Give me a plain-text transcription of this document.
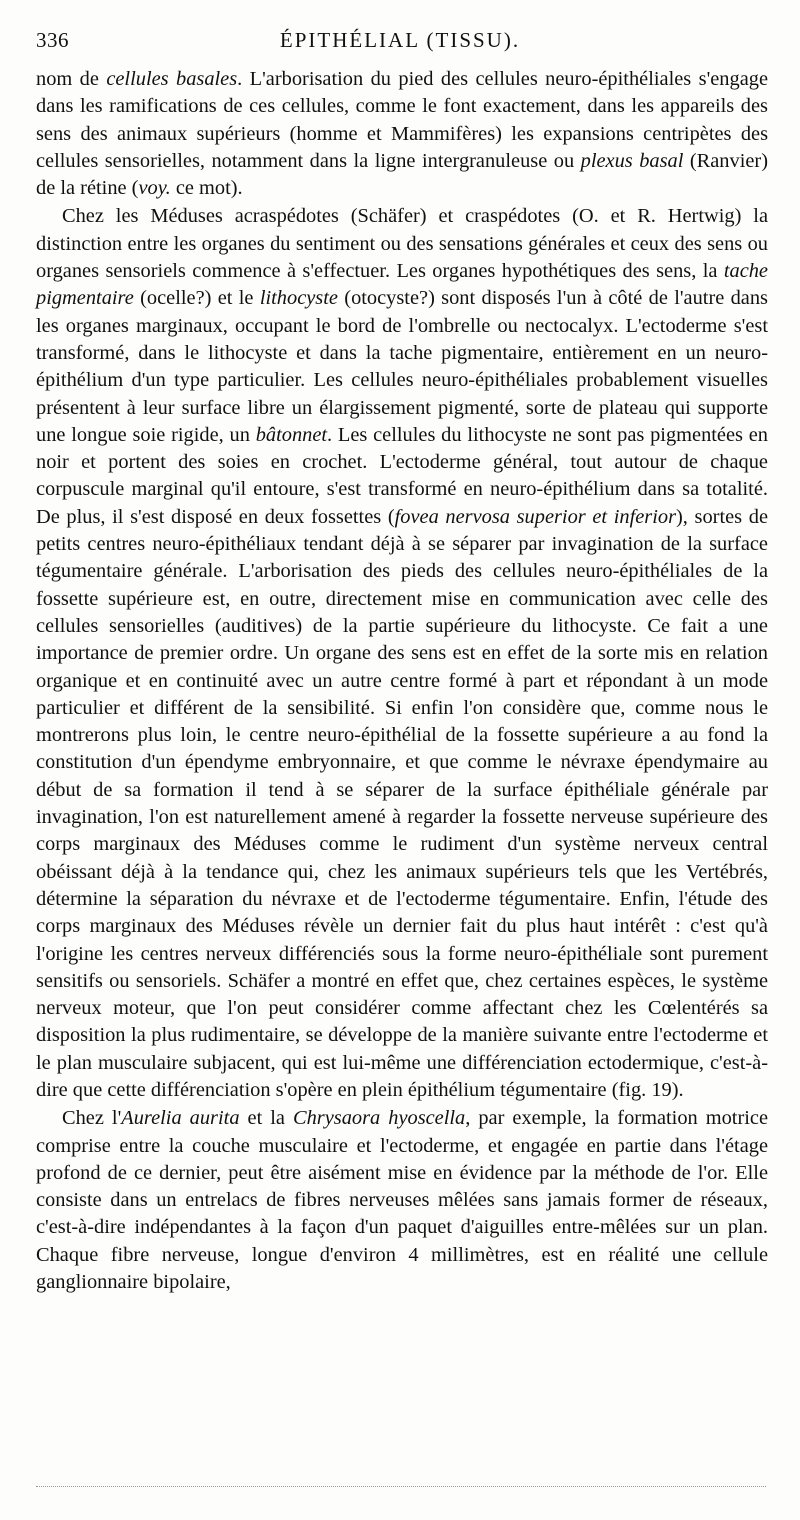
336	ÉPITHÉLIAL (TISSU).

nom de cellules basales. L'arborisation du pied des cellules neuro-épithéliales s'engage dans les ramifications de ces cellules, comme le font exactement, dans les appareils des sens des animaux supérieurs (homme et Mammifères) les expansions centripètes des cellules sensorielles, notamment dans la ligne intergranuleuse ou plexus basal (Ranvier) de la rétine (voy. ce mot).

Chez les Méduses acraspédotes (Schäfer) et craspédotes (O. et R. Hertwig) la distinction entre les organes du sentiment ou des sensations générales et ceux des sens ou organes sensoriels commence à s'effectuer. Les organes hypothétiques des sens, la tache pigmentaire (ocelle?) et le lithocyste (otocyste?) sont disposés l'un à côté de l'autre dans les organes marginaux, occupant le bord de l'ombrelle ou nectocalyx. L'ectoderme s'est transformé, dans le lithocyste et dans la tache pigmentaire, entièrement en un neuro-épithélium d'un type particulier. Les cellules neuro-épithéliales probablement visuelles présentent à leur surface libre un élargissement pigmenté, sorte de plateau qui supporte une longue soie rigide, un bâtonnet. Les cellules du lithocyste ne sont pas pigmentées en noir et portent des soies en crochet. L'ectoderme général, tout autour de chaque corpuscule marginal qu'il entoure, s'est transformé en neuro-épithélium dans sa totalité. De plus, il s'est disposé en deux fossettes (fovea nervosa superior et inferior), sortes de petits centres neuro-épithéliaux tendant déjà à se séparer par invagination de la surface tégumentaire générale. L'arborisation des pieds des cellules neuro-épithéliales de la fossette supérieure est, en outre, directement mise en communication avec celle des cellules sensorielles (auditives) de la partie supérieure du lithocyste. Ce fait a une importance de premier ordre. Un organe des sens est en effet de la sorte mis en relation organique et en continuité avec un autre centre formé à part et répondant à un mode particulier et différent de la sensibilité. Si enfin l'on considère que, comme nous le montrerons plus loin, le centre neuro-épithélial de la fossette supérieure a au fond la constitution d'un épendyme embryonnaire, et que comme le névraxe épendymaire au début de sa formation il tend à se séparer de la surface épithéliale générale par invagination, l'on est naturellement amené à regarder la fossette nerveuse supérieure des corps marginaux des Méduses comme le rudiment d'un système nerveux central obéissant déjà à la tendance qui, chez les animaux supérieurs tels que les Vertébrés, détermine la séparation du névraxe et de l'ectoderme tégumentaire. Enfin, l'étude des corps marginaux des Méduses révèle un dernier fait du plus haut intérêt : c'est qu'à l'origine les centres nerveux différenciés sous la forme neuro-épithéliale sont purement sensitifs ou sensoriels. Schäfer a montré en effet que, chez certaines espèces, le système nerveux moteur, que l'on peut considérer comme affectant chez les Cœlentérés sa disposition la plus rudimentaire, se développe de la manière suivante entre l'ectoderme et le plan musculaire subjacent, qui est lui-même une différenciation ectodermique, c'est-à-dire que cette différenciation s'opère en plein épithélium tégumentaire (fig. 19).

Chez l'Aurelia aurita et la Chrysaora hyoscella, par exemple, la formation motrice comprise entre la couche musculaire et l'ectoderme, et engagée en partie dans l'étage profond de ce dernier, peut être aisément mise en évidence par la méthode de l'or. Elle consiste dans un entrelacs de fibres nerveuses mêlées sans jamais former de réseaux, c'est-à-dire indépendantes à la façon d'un paquet d'aiguilles entre-mêlées sur un plan. Chaque fibre nerveuse, longue d'environ 4 millimètres, est en réalité une cellule ganglionnaire bipolaire,
